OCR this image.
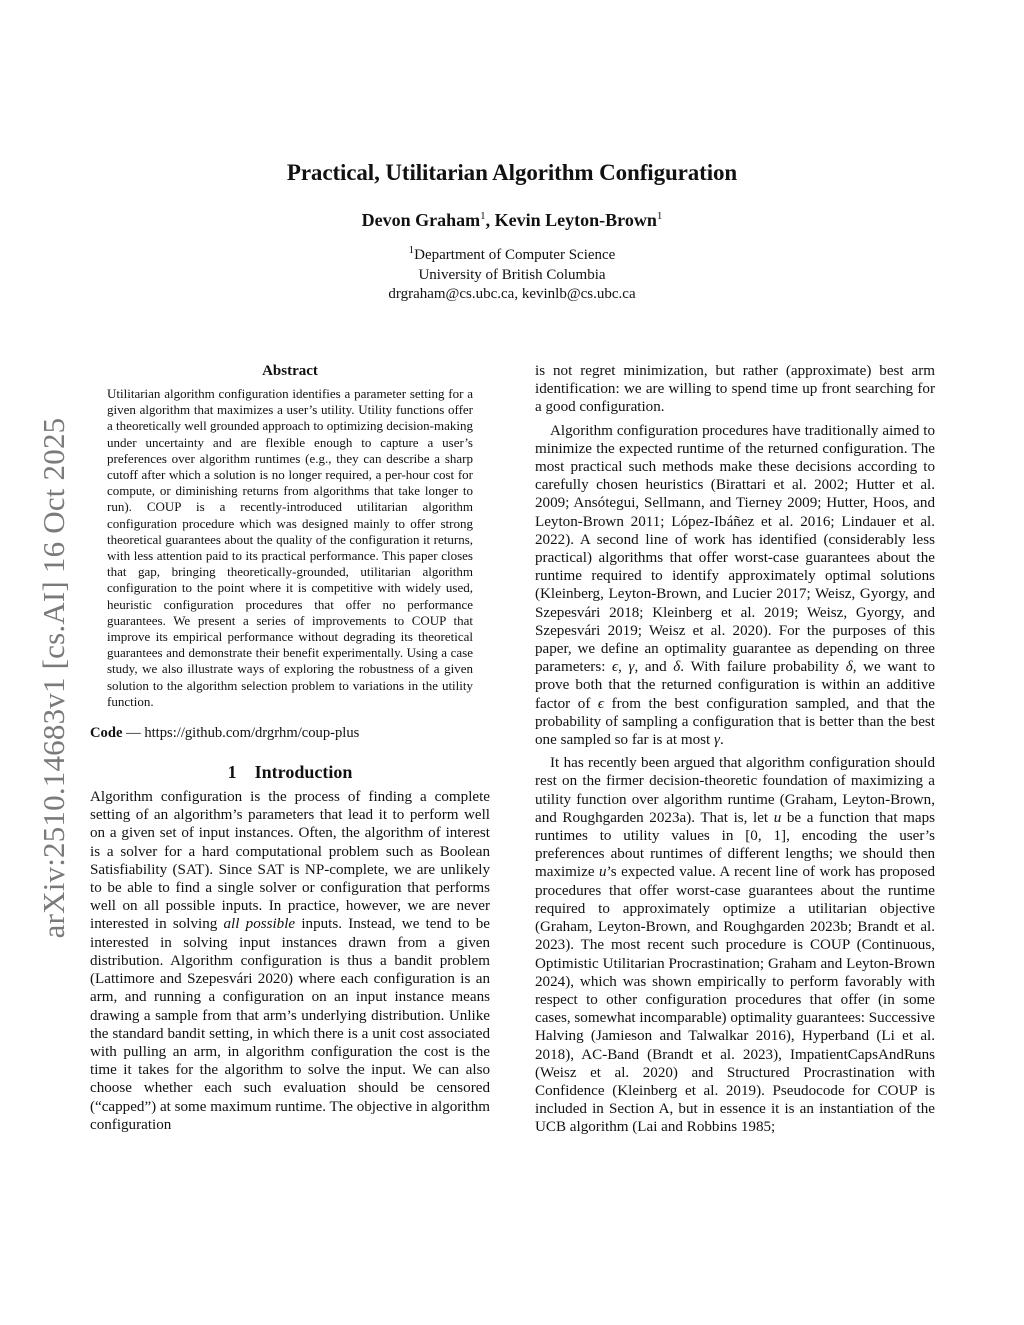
Practical, Utilitarian Algorithm Configuration
Devon Graham$^1$, Kevin Leyton-Brown$^1$
$^1$Department of Computer Science
University of British Columbia
drgraham@cs.ubc.ca, kevinlb@cs.ubc.ca
arXiv:2510.14683v1 [cs.AI] 16 Oct 2025
Abstract

Utilitarian algorithm configuration identifies a parameter setting for a given algorithm that maximizes a user’s utility. Utility functions offer a theoretically well grounded approach to optimizing decision-making under uncertainty and are flexible enough to capture a user’s preferences over algorithm runtimes (e.g., they can describe a sharp cutoff after which a solution is no longer required, a per-hour cost for compute, or diminishing returns from algorithms that take longer to run). COUP is a recently-introduced utilitarian algorithm configuration procedure which was designed mainly to offer strong theoretical guarantees about the quality of the configuration it returns, with less attention paid to its practical performance. This paper closes that gap, bringing theoretically-grounded, utilitarian algorithm configuration to the point where it is competitive with widely used, heuristic configuration procedures that offer no performance guarantees. We present a series of improvements to COUP that improve its empirical performance without degrading its theoretical guarantees and demonstrate their benefit experimentally. Using a case study, we also illustrate ways of exploring the robustness of a given solution to the algorithm selection problem to variations in the utility function.

Code — https://github.com/drgrhm/coup-plus
1 Introduction

Algorithm configuration is the process of finding a complete setting of an algorithm’s parameters that lead it to perform well on a given set of input instances. Often, the algorithm of interest is a solver for a hard computational problem such as Boolean Satisfiability (SAT). Since SAT is NP-complete, we are unlikely to be able to find a single solver or configuration that performs well on all possible inputs. In practice, however, we are never interested in solving all possible inputs. Instead, we tend to be interested in solving input instances drawn from a given distribution. Algorithm configuration is thus a bandit problem (Lattimore and Szepesvári 2020) where each configuration is an arm, and running a configuration on an input instance means drawing a sample from that arm’s underlying distribution. Unlike the standard bandit setting, in which there is a unit cost associated with pulling an arm, in algorithm configuration the cost is the time it takes for the algorithm to solve the input. We can also choose whether each such evaluation should be censored (“capped”) at some maximum runtime. The objective in algorithm configuration

is not regret minimization, but rather (approximate) best arm identification: we are willing to spend time up front searching for a good configuration.

Algorithm configuration procedures have traditionally aimed to minimize the expected runtime of the returned configuration. The most practical such methods make these decisions according to carefully chosen heuristics (Birattari et al. 2002; Hutter et al. 2009; Ansótegui, Sellmann, and Tierney 2009; Hutter, Hoos, and Leyton-Brown 2011; López-Ibáñez et al. 2016; Lindauer et al. 2022). A second line of work has identified (considerably less practical) algorithms that offer worst-case guarantees about the runtime required to identify approximately optimal solutions (Kleinberg, Leyton-Brown, and Lucier 2017; Weisz, Gyorgy, and Szepesvári 2018; Kleinberg et al. 2019; Weisz, Gyorgy, and Szepesvári 2019; Weisz et al. 2020). For the purposes of this paper, we define an optimality guarantee as depending on three parameters: ϵ, γ, and δ. With failure probability δ, we want to prove both that the returned configuration is within an additive factor of ϵ from the best configuration sampled, and that the probability of sampling a configuration that is better than the best one sampled so far is at most γ.

It has recently been argued that algorithm configuration should rest on the firmer decision-theoretic foundation of maximizing a utility function over algorithm runtime (Graham, Leyton-Brown, and Roughgarden 2023a). That is, let u be a function that maps runtimes to utility values in [0, 1], encoding the user’s preferences about runtimes of different lengths; we should then maximize u’s expected value. A recent line of work has proposed procedures that offer worst-case guarantees about the runtime required to approximately optimize a utilitarian objective (Graham, Leyton-Brown, and Roughgarden 2023b; Brandt et al. 2023). The most recent such procedure is COUP (Continuous, Optimistic Utilitarian Procrastination; Graham and Leyton-Brown 2024), which was shown empirically to perform favorably with respect to other configuration procedures that offer (in some cases, somewhat incomparable) optimality guarantees: Successive Halving (Jamieson and Talwalkar 2016), Hyperband (Li et al. 2018), AC-Band (Brandt et al. 2023), ImpatientCapsAndRuns (Weisz et al. 2020) and Structured Procrastination with Confidence (Kleinberg et al. 2019). Pseudocode for COUP is included in Section A, but in essence it is an instantiation of the UCB algorithm (Lai and Robbins 1985;
